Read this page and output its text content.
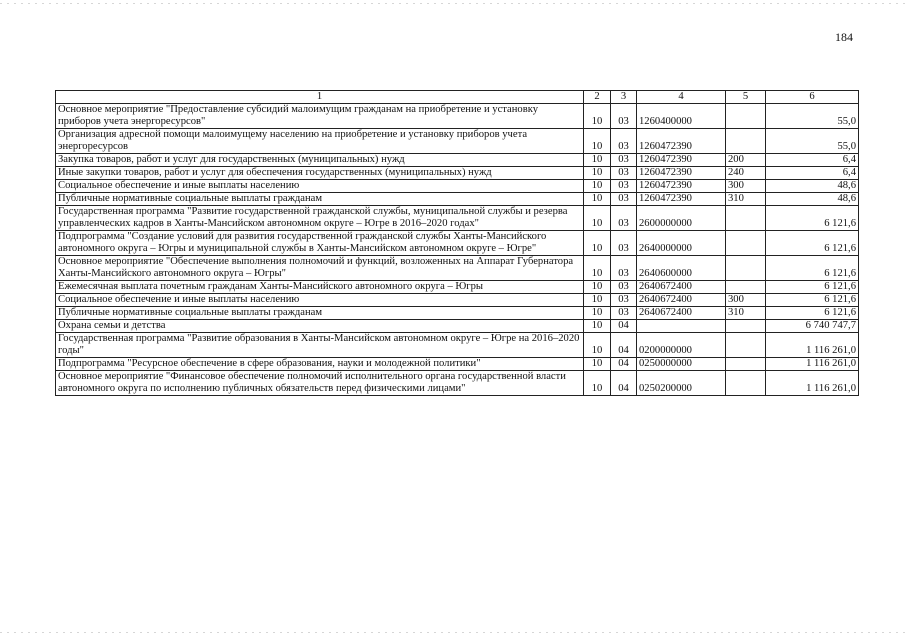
184
1	2	3	4	5	6
Основное мероприятие "Предоставление субсидий малоимущим гражданам на приобретение и установку приборов учета энергоресурсов"	10	03	1260400000		55,0
Организация адресной помощи малоимущему населению на приобретение и установку приборов учета энергоресурсов	10	03	1260472390		55,0
Закупка товаров, работ и услуг для государственных (муниципальных) нужд	10	03	1260472390	200	6,4
Иные закупки товаров, работ и услуг для обеспечения государственных (муниципальных) нужд	10	03	1260472390	240	6,4
Социальное обеспечение и иные выплаты населению	10	03	1260472390	300	48,6
Публичные нормативные социальные выплаты гражданам	10	03	1260472390	310	48,6
Государственная программа "Развитие государственной гражданской службы, муниципальной службы и резерва управленческих кадров в Ханты-Мансийском автономном округе – Югре в 2016–2020 годах"	10	03	2600000000		6 121,6
Подпрограмма "Создание условий для развития государственной гражданской службы Ханты-Мансийского автономного округа – Югры и муниципальной службы в Ханты-Мансийском автономном округе – Югре"	10	03	2640000000		6 121,6
Основное мероприятие "Обеспечение выполнения полномочий и функций, возложенных на Аппарат Губернатора Ханты-Мансийского автономного округа – Югры"	10	03	2640600000		6 121,6
Ежемесячная выплата почетным гражданам Ханты-Мансийского автономного округа – Югры	10	03	2640672400		6 121,6
Социальное обеспечение и иные выплаты населению	10	03	2640672400	300	6 121,6
Публичные нормативные социальные выплаты гражданам	10	03	2640672400	310	6 121,6
Охрана семьи и детства	10	04			6 740 747,7
Государственная программа "Развитие образования в Ханты-Мансийском автономном округе – Югре на 2016–2020 годы"	10	04	0200000000		1 116 261,0
Подпрограмма "Ресурсное обеспечение в сфере образования, науки и молодежной политики"	10	04	0250000000		1 116 261,0
Основное мероприятие "Финансовое обеспечение полномочий исполнительного органа государственной власти автономного округа по исполнению публичных обязательств перед физическими лицами"	10	04	0250200000		1 116 261,0
